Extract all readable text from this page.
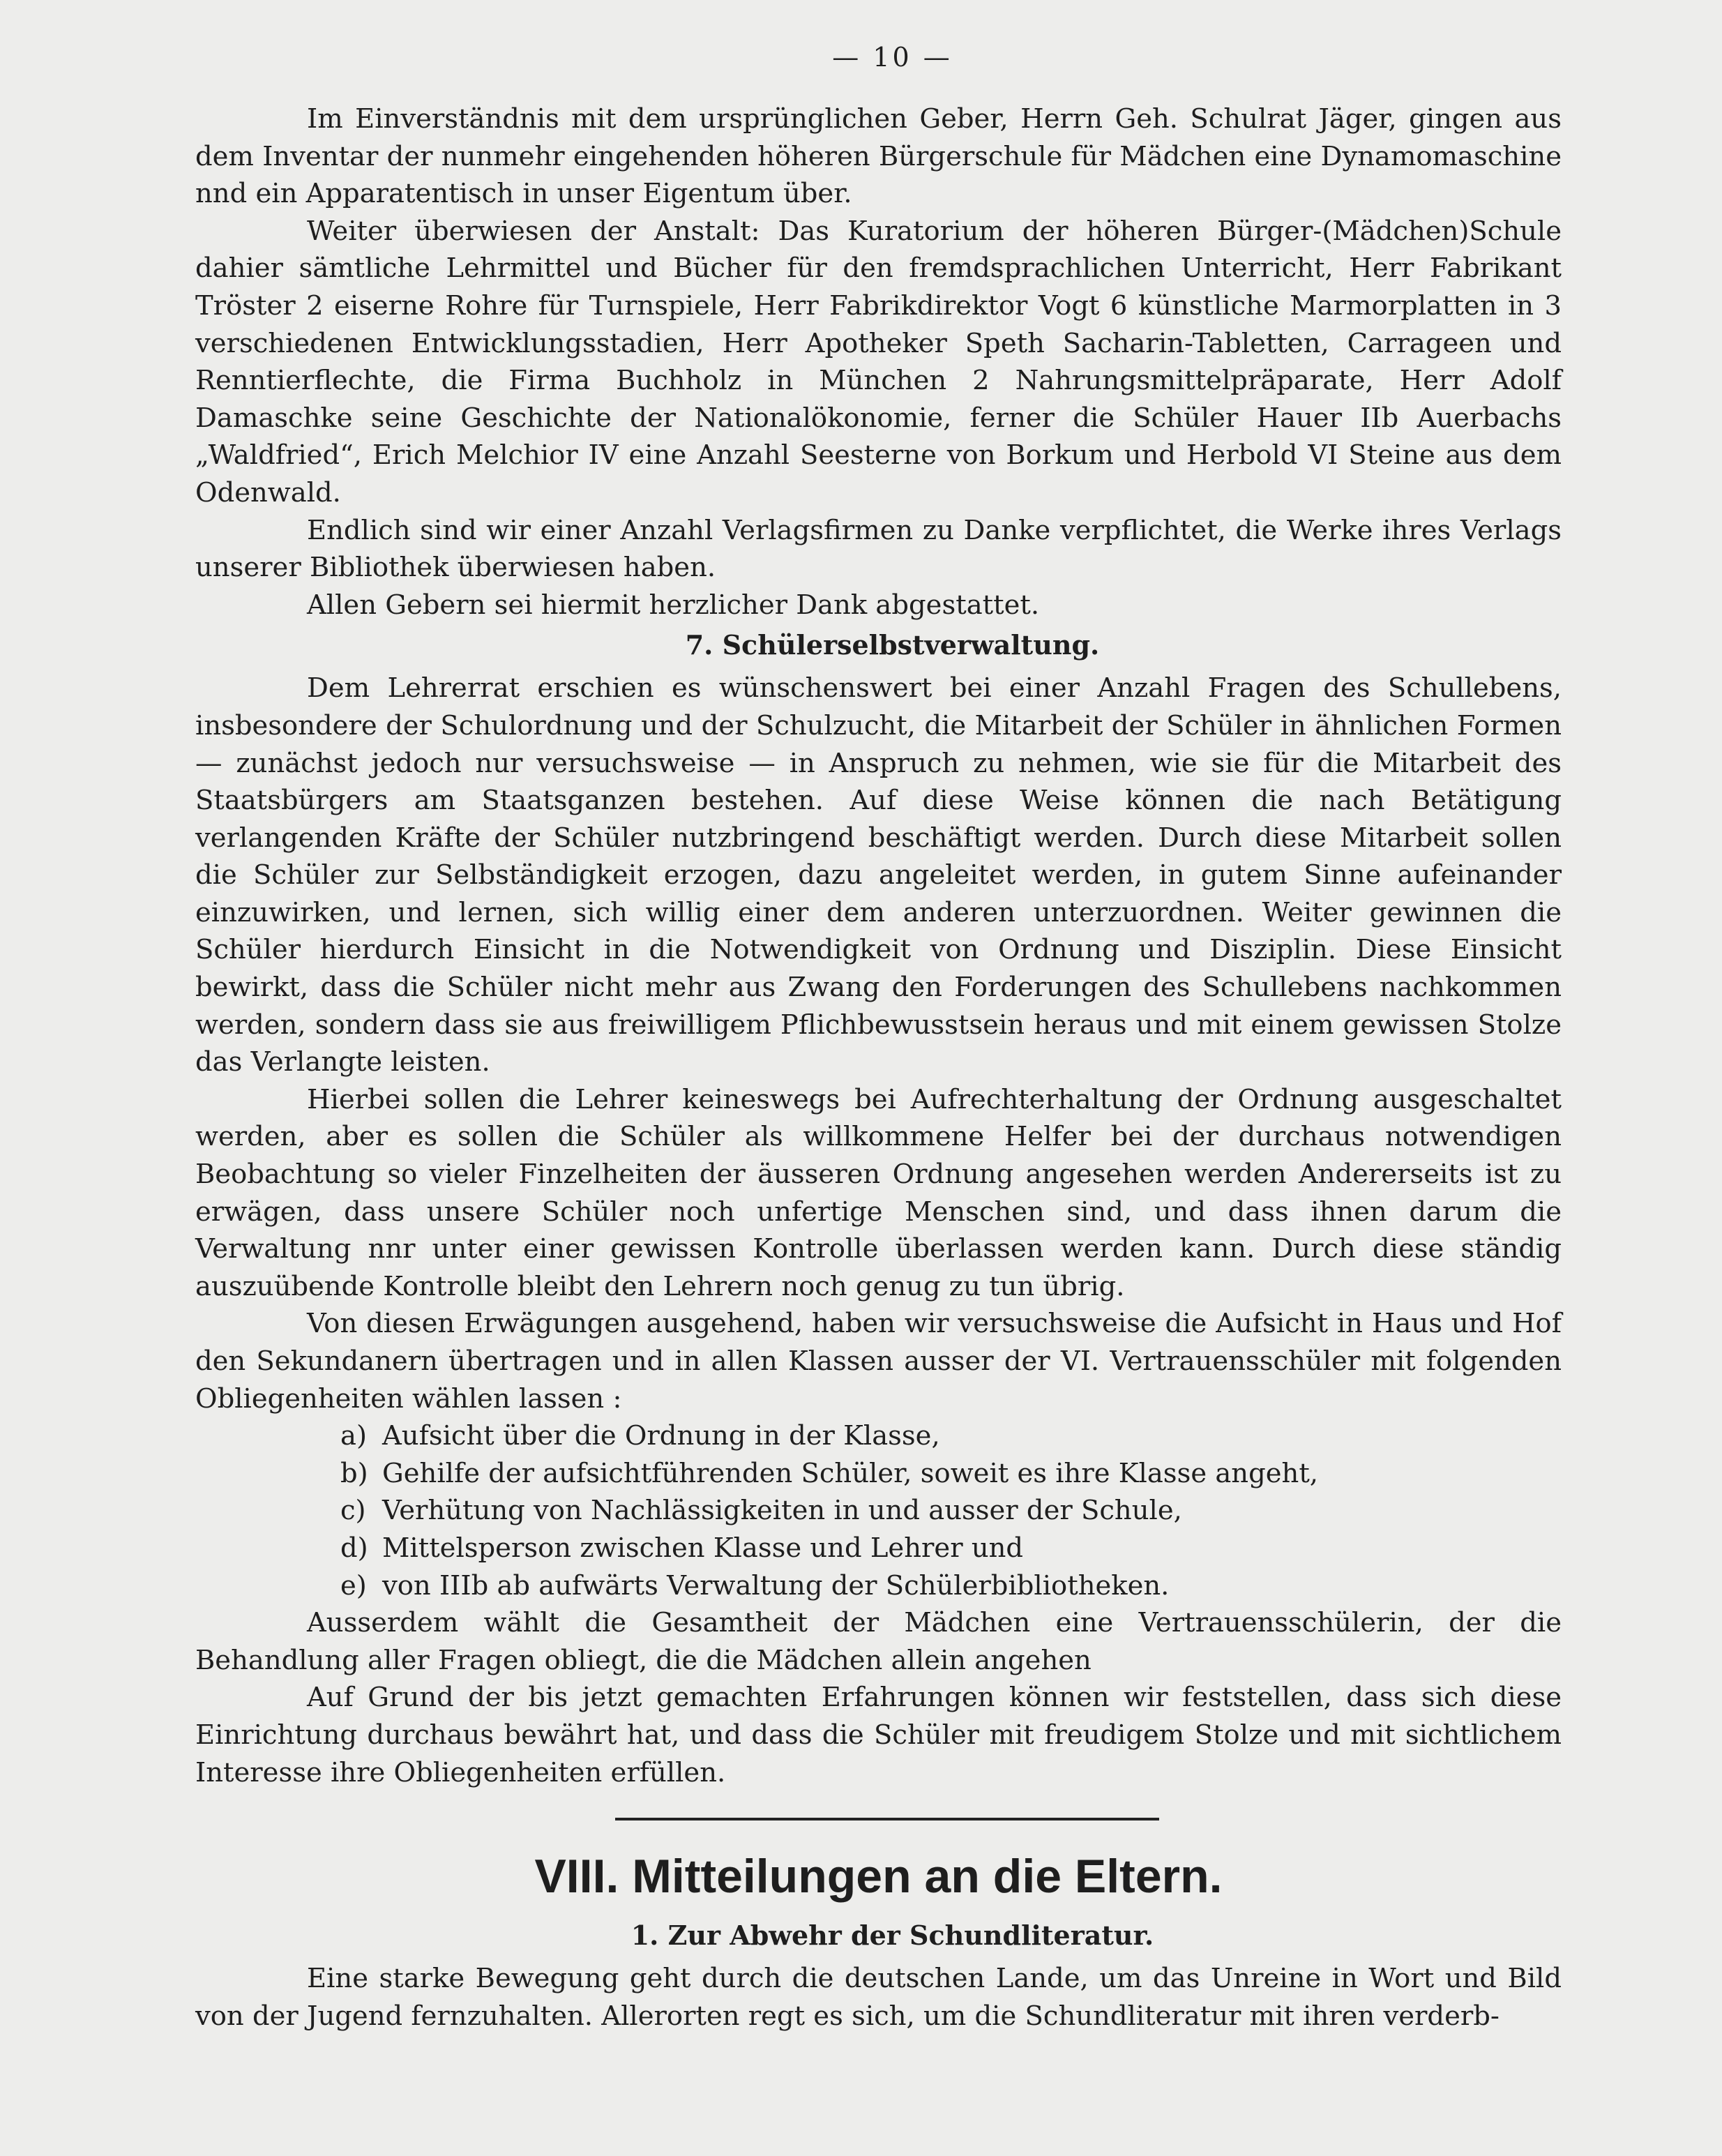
— 10 —

Im Einverständnis mit dem ursprünglichen Geber, Herrn Geh. Schulrat Jäger, gingen aus dem Inventar der nunmehr eingehenden höheren Bürgerschule für Mädchen eine Dynamomaschine nnd ein Apparatentisch in unser Eigentum über.

Weiter überwiesen der Anstalt: Das Kuratorium der höheren Bürger-(Mädchen)Schule dahier sämtliche Lehrmittel und Bücher für den fremdsprachlichen Unterricht, Herr Fabrikant Tröster 2 eiserne Rohre für Turnspiele, Herr Fabrikdirektor Vogt 6 künstliche Marmorplatten in 3 verschiedenen Entwicklungsstadien, Herr Apotheker Speth Sacharin-Tabletten, Carrageen und Renntierflechte, die Firma Buchholz in München 2 Nahrungsmittelpräparate, Herr Adolf Damaschke seine Geschichte der Nationalökonomie, ferner die Schüler Hauer IIb Auerbachs „Waldfried“, Erich Melchior IV eine Anzahl Seesterne von Borkum und Herbold VI Steine aus dem Odenwald.

Endlich sind wir einer Anzahl Verlagsfirmen zu Danke verpflichtet, die Werke ihres Verlags unserer Bibliothek überwiesen haben.

Allen Gebern sei hiermit herzlicher Dank abgestattet.

7. Schülerselbstverwaltung.

Dem Lehrerrat erschien es wünschenswert bei einer Anzahl Fragen des Schullebens, insbesondere der Schulordnung und der Schulzucht, die Mitarbeit der Schüler in ähnlichen Formen — zunächst jedoch nur versuchsweise — in Anspruch zu nehmen, wie sie für die Mitarbeit des Staatsbürgers am Staatsganzen bestehen. Auf diese Weise können die nach Betätigung verlangenden Kräfte der Schüler nutzbringend beschäftigt werden. Durch diese Mitarbeit sollen die Schüler zur Selbständigkeit erzogen, dazu angeleitet werden, in gutem Sinne aufeinander einzuwirken, und lernen, sich willig einer dem anderen unterzuordnen. Weiter gewinnen die Schüler hierdurch Einsicht in die Notwendigkeit von Ordnung und Disziplin. Diese Einsicht bewirkt, dass die Schüler nicht mehr aus Zwang den Forderungen des Schullebens nachkommen werden, sondern dass sie aus freiwilligem Pflichbewusstsein heraus und mit einem gewissen Stolze das Verlangte leisten.

Hierbei sollen die Lehrer keineswegs bei Aufrechterhaltung der Ordnung ausgeschaltet werden, aber es sollen die Schüler als willkommene Helfer bei der durchaus notwendigen Beobachtung so vieler Finzelheiten der äusseren Ordnung angesehen werden Andererseits ist zu erwägen, dass unsere Schüler noch unfertige Menschen sind, und dass ihnen darum die Verwaltung nnr unter einer gewissen Kontrolle überlassen werden kann. Durch diese ständig auszuübende Kontrolle bleibt den Lehrern noch genug zu tun übrig.

Von diesen Erwägungen ausgehend, haben wir versuchsweise die Aufsicht in Haus und Hof den Sekundanern übertragen und in allen Klassen ausser der VI. Vertrauensschüler mit folgenden Obliegenheiten wählen lassen :

a) Aufsicht über die Ordnung in der Klasse,
b) Gehilfe der aufsichtführenden Schüler, soweit es ihre Klasse angeht,
c) Verhütung von Nachlässigkeiten in und ausser der Schule,
d) Mittelsperson zwischen Klasse und Lehrer und
e) von IIIb ab aufwärts Verwaltung der Schülerbibliotheken.

Ausserdem wählt die Gesamtheit der Mädchen eine Vertrauensschülerin, der die Behandlung aller Fragen obliegt, die die Mädchen allein angehen

Auf Grund der bis jetzt gemachten Erfahrungen können wir feststellen, dass sich diese Einrichtung durchaus bewährt hat, und dass die Schüler mit freudigem Stolze und mit sichtlichem Interesse ihre Obliegenheiten erfüllen.

VIII. Mitteilungen an die Eltern.
1. Zur Abwehr der Schundliteratur.

Eine starke Bewegung geht durch die deutschen Lande, um das Unreine in Wort und Bild von der Jugend fernzuhalten. Allerorten regt es sich, um die Schundliteratur mit ihren verderb-
